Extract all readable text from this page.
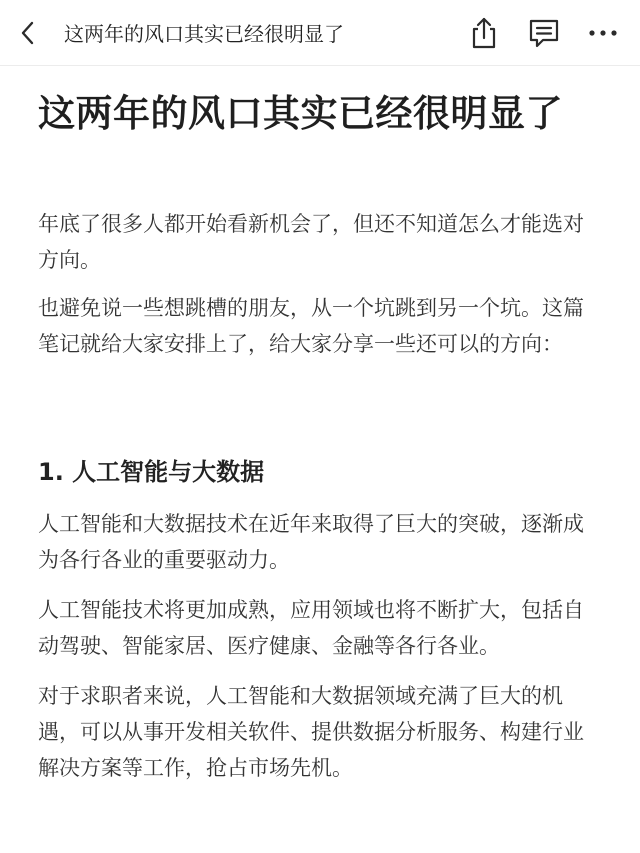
这两年的风口其实已经很明显了
这两年的风口其实已经很明显了

年底了很多人都开始看新机会了，但还不知道怎么才能选对方向。

也避免说一些想跳槽的朋友，从一个坑跳到另一个坑。这篇笔记就给大家安排上了，给大家分享一些还可以的方向：

1. 人工智能与大数据

人工智能和大数据技术在近年来取得了巨大的突破，逐渐成为各行各业的重要驱动力。

人工智能技术将更加成熟，应用领域也将不断扩大，包括自动驾驶、智能家居、医疗健康、金融等各行各业。

对于求职者来说，人工智能和大数据领域充满了巨大的机遇，可以从事开发相关软件、提供数据分析服务、构建行业解决方案等工作，抢占市场先机。
